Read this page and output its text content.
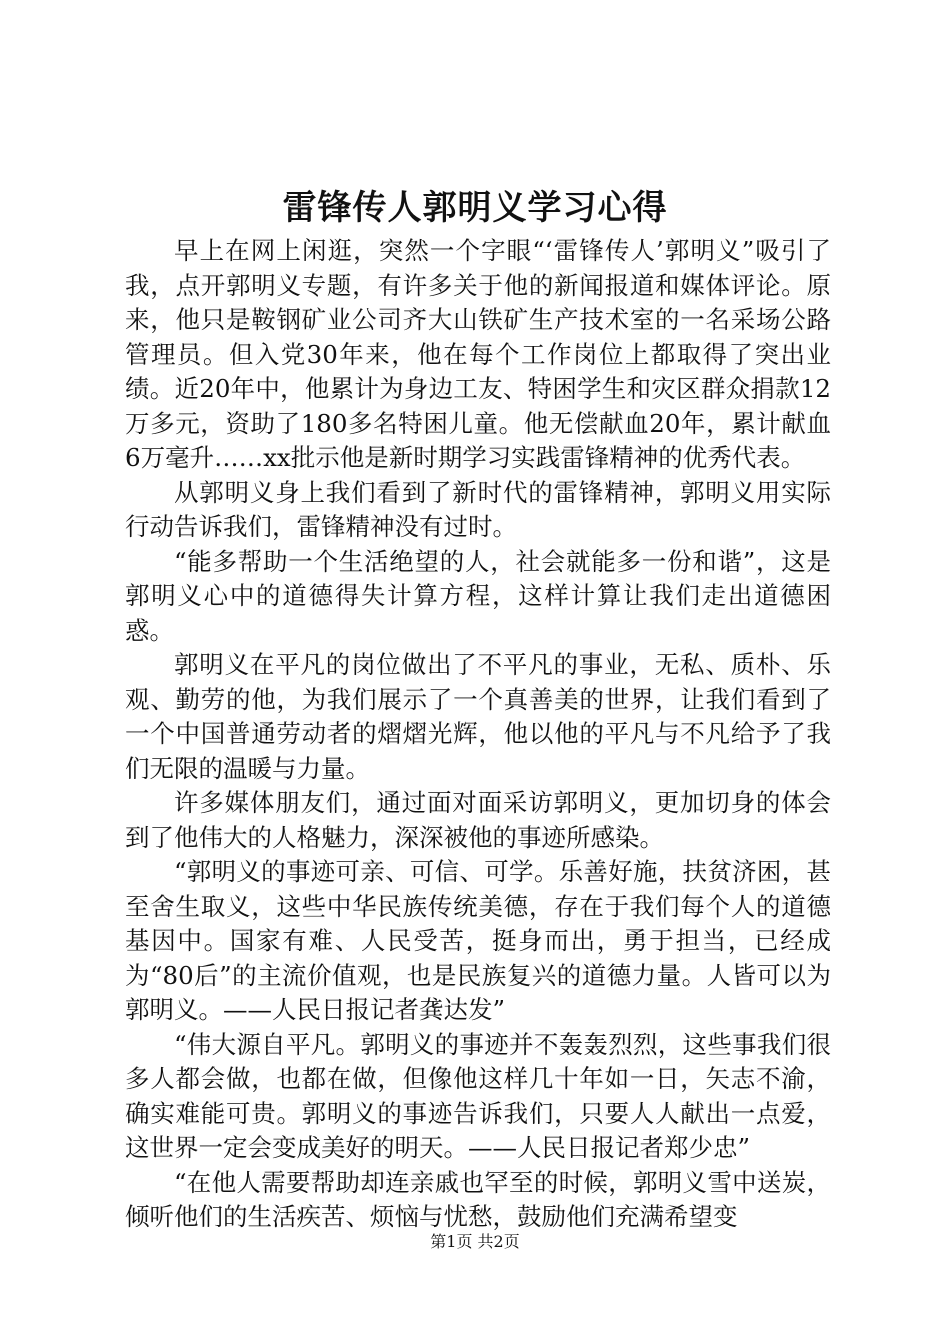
雷锋传人郭明义学习心得

早上在网上闲逛，突然一个字眼“‘雷锋传人’郭明义”吸引了我，点开郭明义专题，有许多关于他的新闻报道和媒体评论。原来，他只是鞍钢矿业公司齐大山铁矿生产技术室的一名采场公路管理员。但入党30年来，他在每个工作岗位上都取得了突出业绩。近20年中，他累计为身边工友、特困学生和灾区群众捐款12万多元，资助了180多名特困儿童。他无偿献血20年，累计献血6万毫升……xx批示他是新时期学习实践雷锋精神的优秀代表。

从郭明义身上我们看到了新时代的雷锋精神，郭明义用实际行动告诉我们，雷锋精神没有过时。

“能多帮助一个生活绝望的人，社会就能多一份和谐”，这是郭明义心中的道德得失计算方程，这样计算让我们走出道德困惑。

郭明义在平凡的岗位做出了不平凡的事业，无私、质朴、乐观、勤劳的他，为我们展示了一个真善美的世界，让我们看到了一个中国普通劳动者的熠熠光辉，他以他的平凡与不凡给予了我们无限的温暖与力量。

许多媒体朋友们，通过面对面采访郭明义，更加切身的体会到了他伟大的人格魅力，深深被他的事迹所感染。

“郭明义的事迹可亲、可信、可学。乐善好施，扶贫济困，甚至舍生取义，这些中华民族传统美德，存在于我们每个人的道德基因中。国家有难、人民受苦，挺身而出，勇于担当，已经成为“80后”的主流价值观，也是民族复兴的道德力量。人皆可以为郭明义。——人民日报记者龚达发”

“伟大源自平凡。郭明义的事迹并不轰轰烈烈，这些事我们很多人都会做，也都在做，但像他这样几十年如一日，矢志不渝，确实难能可贵。郭明义的事迹告诉我们，只要人人献出一点爱，这世界一定会变成美好的明天。——人民日报记者郑少忠”

“在他人需要帮助却连亲戚也罕至的时候，郭明义雪中送炭，倾听他们的生活疾苦、烦恼与忧愁，鼓励他们充满希望变

第1页 共2页
